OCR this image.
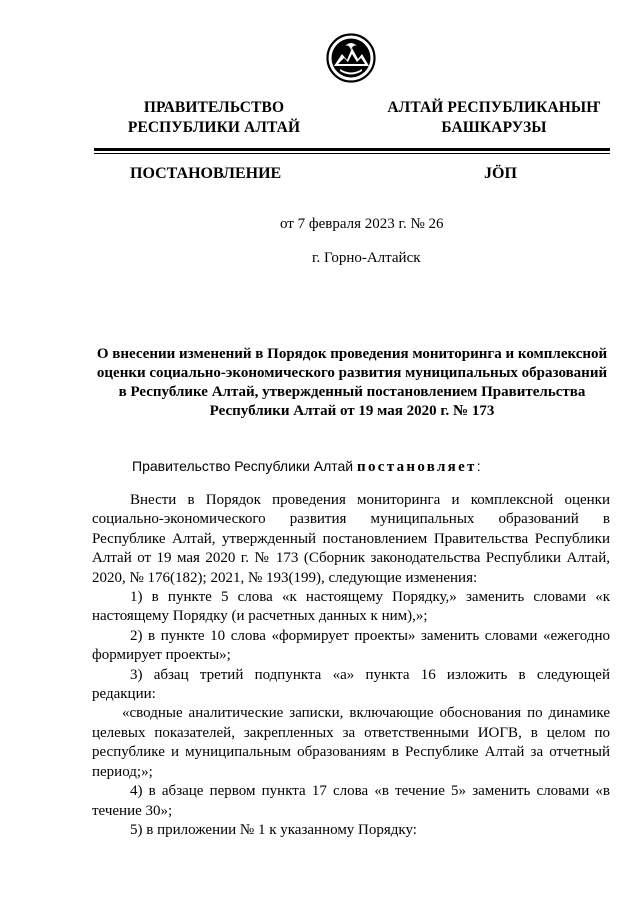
ПРАВИТЕЛЬСТВО
РЕСПУБЛИКИ АЛТАЙ
АЛТАЙ РЕСПУБЛИКАНЫҤ
БАШКАРУЗЫ
ПОСТАНОВЛЕНИЕ	JӦП
от 7 февраля 2023 г. № 26
г. Горно-Алтайск
О внесении изменений в Порядок проведения мониторинга и комплексной
оценки социально-экономического развития муниципальных образований
в Республике Алтай, утвержденный постановлением Правительства
Республики Алтай от 19 мая 2020 г. № 173
Правительство Республики Алтай постановляет:
Внести в Порядок проведения мониторинга и комплексной оценки
социально-экономического развития муниципальных образований в
Республике Алтай, утвержденный постановлением Правительства Республики
Алтай от 19 мая 2020 г. № 173 (Сборник законодательства Республики Алтай,
2020, № 176(182); 2021, № 193(199), следующие изменения:
1) в пункте 5 слова «к настоящему Порядку,» заменить словами «к
настоящему Порядку (и расчетных данных к ним),»;
2) в пункте 10 слова «формирует проекты» заменить словами «ежегодно
формирует проекты»;
3) абзац третий подпункта «а» пункта 16 изложить в следующей
редакции:
«сводные аналитические записки, включающие обоснования по динамике
целевых показателей, закрепленных за ответственными ИОГВ, в целом по
республике и муниципальным образованиям в Республике Алтай за отчетный
период;»;
4) в абзаце первом пункта 17 слова «в течение 5» заменить словами «в
течение 30»;
5) в приложении № 1 к указанному Порядку:
